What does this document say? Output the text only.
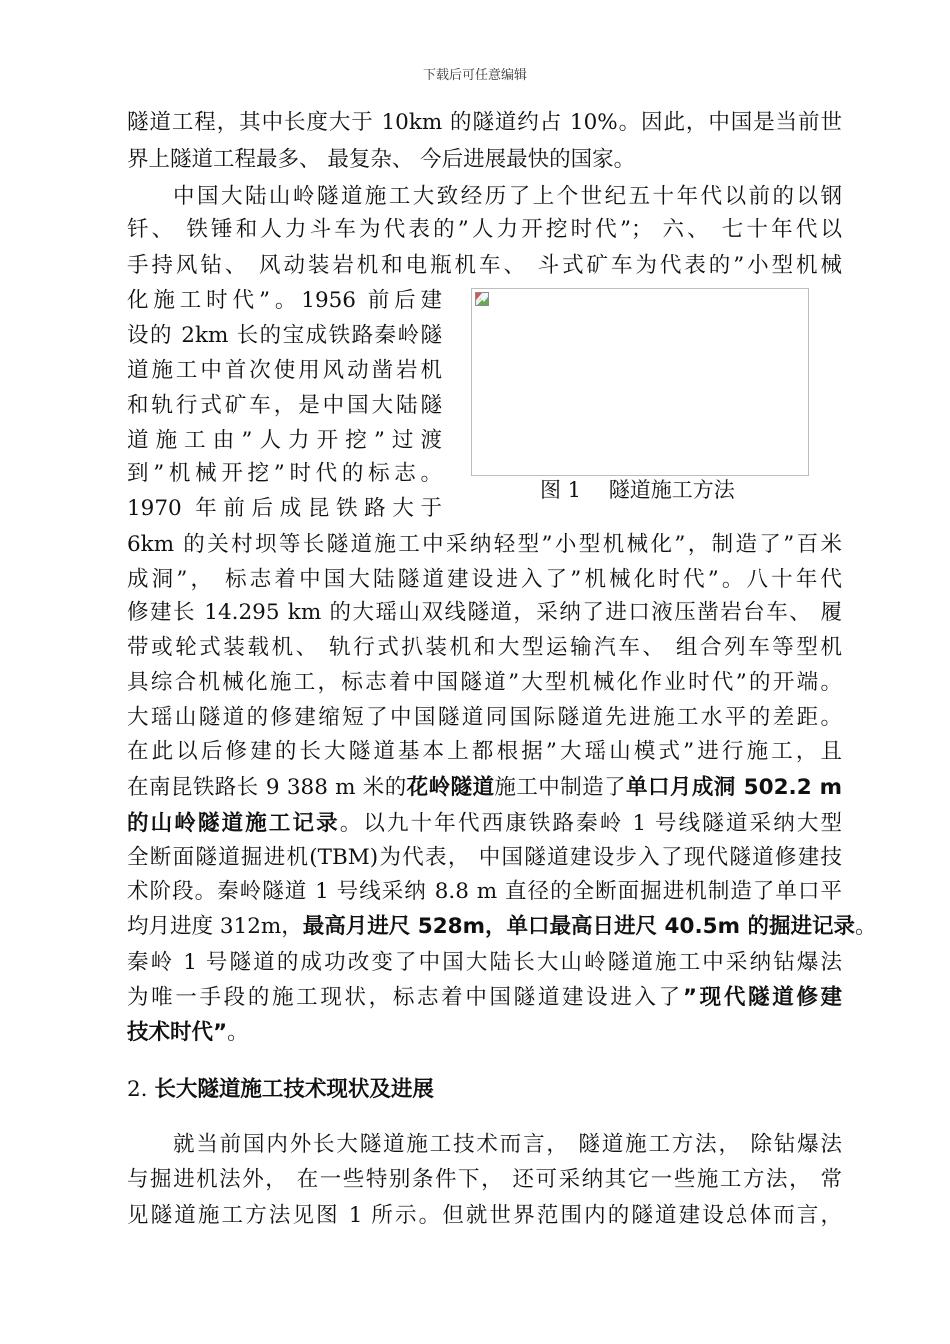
下载后可任意编辑
隧道工程，其中长度大于 10km 的隧道约占 10%。因此，中国是当前世
界上隧道工程最多、 最复杂、 今后进展最快的国家。
中国大陆山岭隧道施工大致经历了上个世纪五十年代以前的以钢
钎、 铁锤和人力斗车为代表的”人力开挖时代”； 六、 七十年代以
手持风钻、 风动装岩机和电瓶机车、 斗式矿车为代表的”小型机械
化施工时代”。1956 前后建
设的 2km 长的宝成铁路秦岭隧
道施工中首次使用风动凿岩机
和轨行式矿车，是中国大陆隧
道施工由”人力开挖”过渡
到”机械开挖”时代的标志。
1970 年前后成昆铁路大于
图 1　 隧道施工方法
6km 的关村坝等长隧道施工中采纳轻型”小型机械化”，制造了”百米
成洞”， 标志着中国大陆隧道建设进入了”机械化时代”。八十年代
修建长 14.295 km 的大瑶山双线隧道，采纳了进口液压凿岩台车、 履
带或轮式装载机、 轨行式扒装机和大型运输汽车、 组合列车等型机
具综合机械化施工，标志着中国隧道”大型机械化作业时代”的开端。
大瑶山隧道的修建缩短了中国隧道同国际隧道先进施工水平的差距。
在此以后修建的长大隧道基本上都根据”大瑶山模式”进行施工，且
在南昆铁路长 9 388 m 米的花岭隧道施工中制造了单口月成洞 502.2 m
的山岭隧道施工记录。以九十年代西康铁路秦岭 1 号线隧道采纳大型
全断面隧道掘进机(TBM)为代表， 中国隧道建设步入了现代隧道修建技
术阶段。秦岭隧道 1 号线采纳 8.8 m 直径的全断面掘进机制造了单口平
均月进度 312m，最高月进尺 528m，单口最高日进尺 40.5m 的掘进记录。
秦岭 1 号隧道的成功改变了中国大陆长大山岭隧道施工中采纳钻爆法
为唯一手段的施工现状，标志着中国隧道建设进入了”现代隧道修建
技术时代”。
2. 长大隧道施工技术现状及进展
就当前国内外长大隧道施工技术而言， 隧道施工方法， 除钻爆法
与掘进机法外， 在一些特别条件下， 还可采纳其它一些施工方法， 常
见隧道施工方法见图 1 所示。但就世界范围内的隧道建设总体而言，
